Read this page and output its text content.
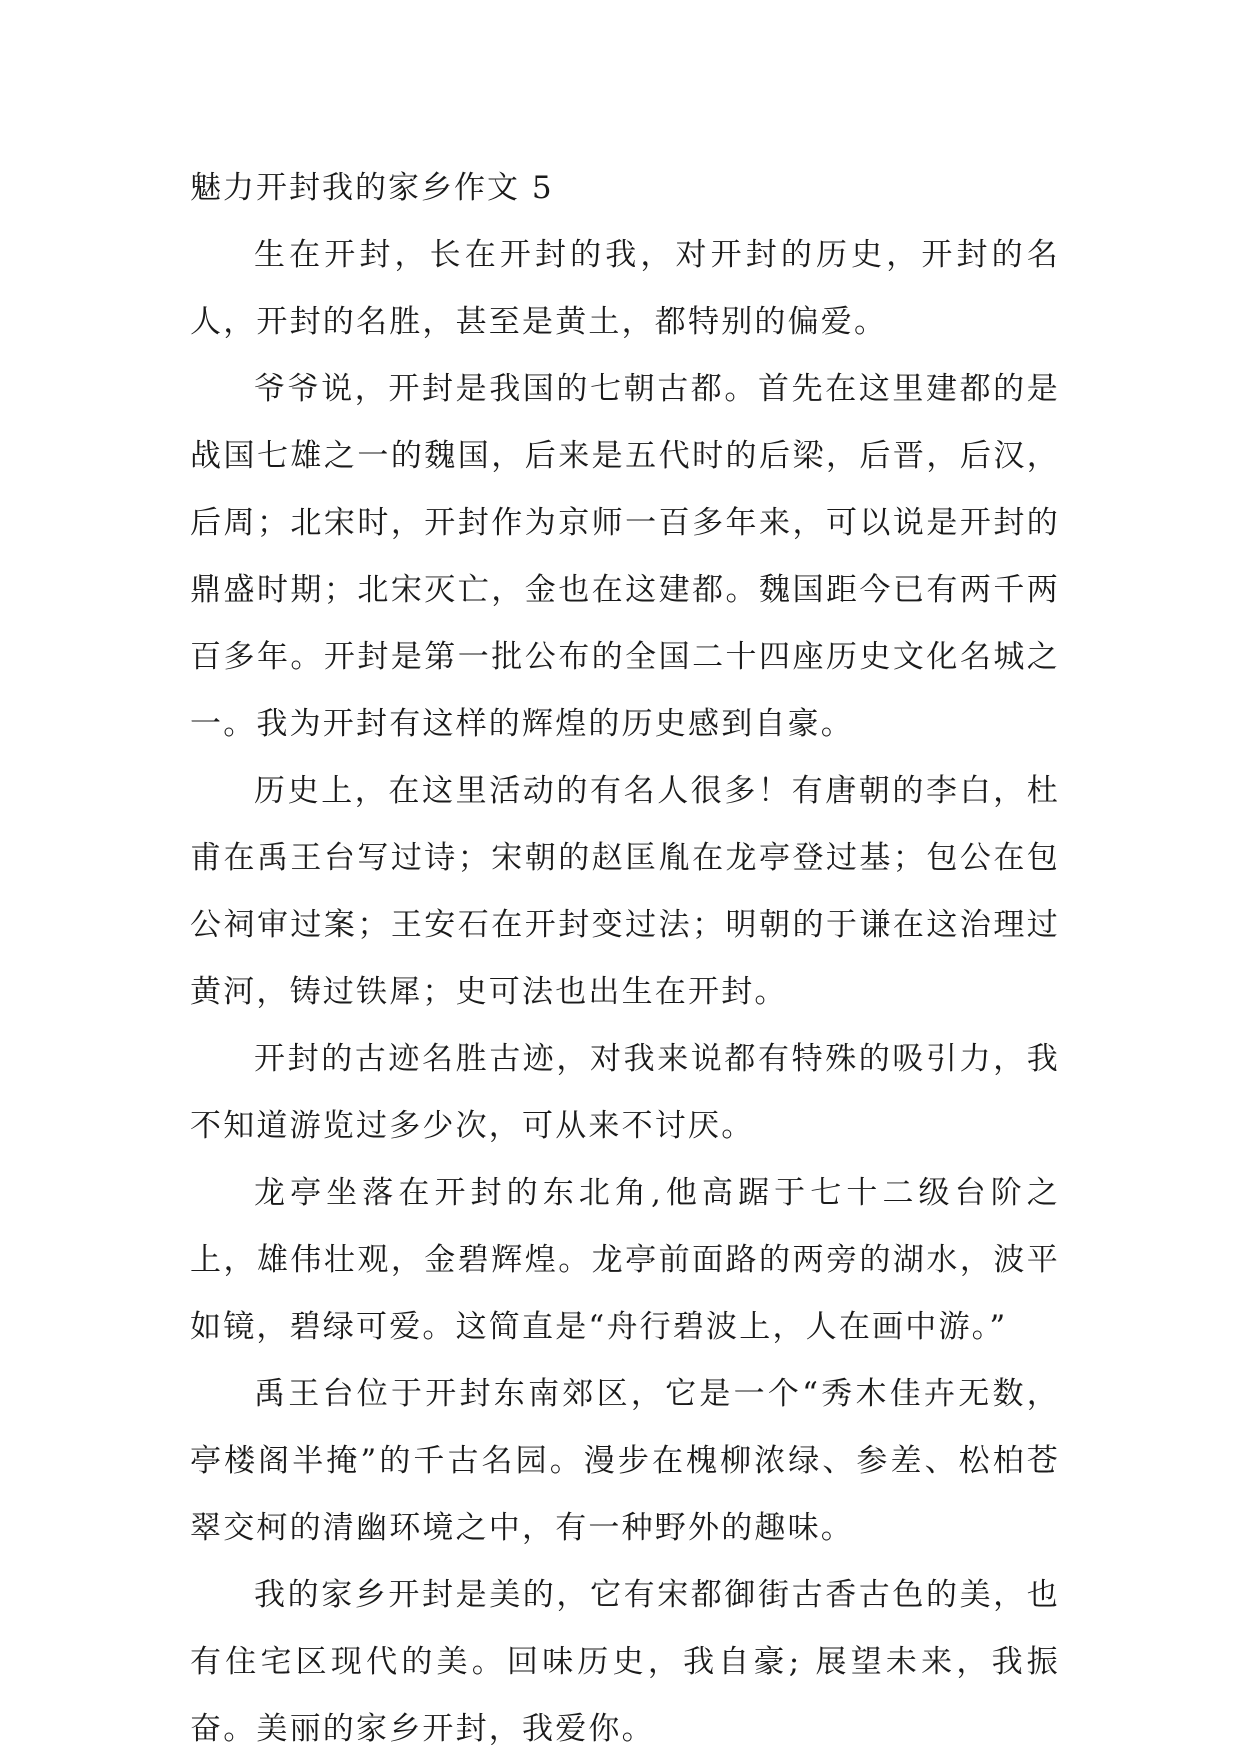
魅力开封我的家乡作文 5

生在开封，长在开封的我，对开封的历史，开封的名人，开封的名胜，甚至是黄土，都特别的偏爱。

爷爷说，开封是我国的七朝古都。首先在这里建都的是战国七雄之一的魏国，后来是五代时的后梁，后晋，后汉，后周；北宋时，开封作为京师一百多年来，可以说是开封的鼎盛时期；北宋灭亡，金也在这建都。魏国距今已有两千两百多年。开封是第一批公布的全国二十四座历史文化名城之一。我为开封有这样的辉煌的历史感到自豪。

历史上，在这里活动的有名人很多！有唐朝的李白，杜甫在禹王台写过诗；宋朝的赵匡胤在龙亭登过基；包公在包公祠审过案；王安石在开封变过法；明朝的于谦在这治理过黄河，铸过铁犀；史可法也出生在开封。

开封的古迹名胜古迹，对我来说都有特殊的吸引力，我不知道游览过多少次，可从来不讨厌。

龙亭坐落在开封的东北角,他高踞于七十二级台阶之上，雄伟壮观，金碧辉煌。龙亭前面路的两旁的湖水，波平如镜，碧绿可爱。这简直是“舟行碧波上，人在画中游。”

禹王台位于开封东南郊区，它是一个“秀木佳卉无数，亭楼阁半掩”的千古名园。漫步在槐柳浓绿、参差、松柏苍翠交柯的清幽环境之中，有一种野外的趣味。

我的家乡开封是美的，它有宋都御街古香古色的美，也有住宅区现代的美。回味历史，我自豪; 展望未来，我振奋。美丽的家乡开封，我爱你。
